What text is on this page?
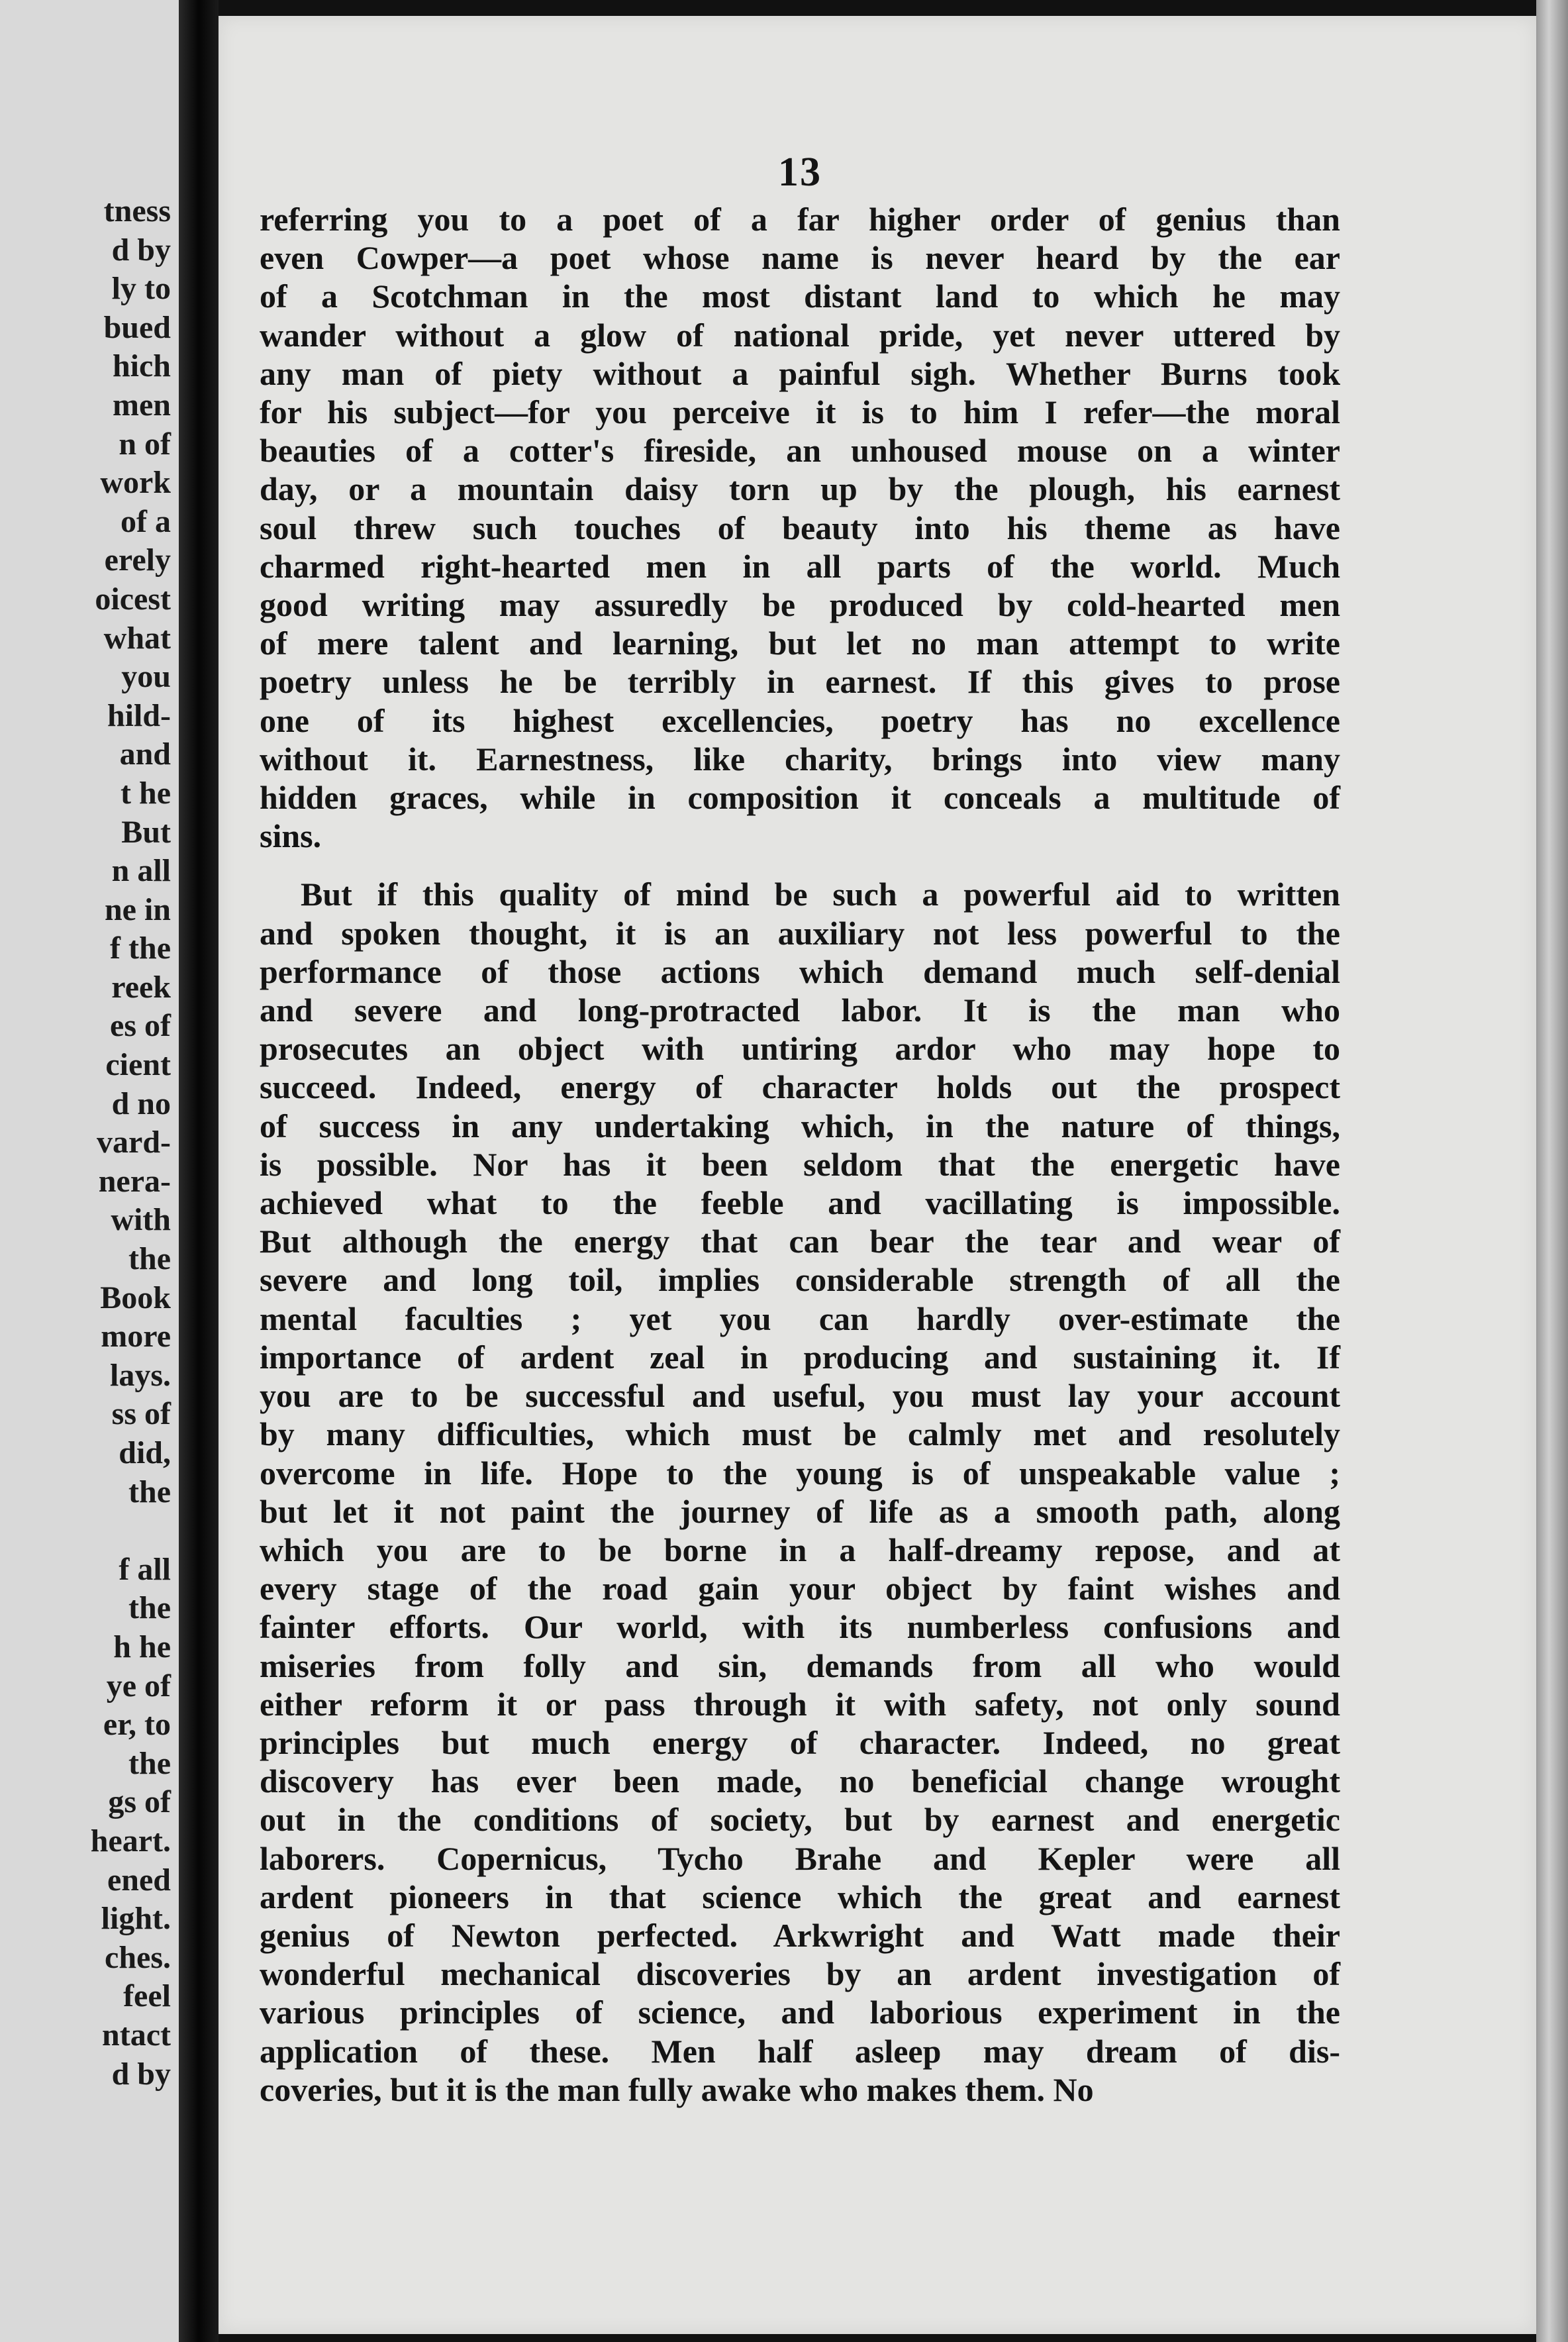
tness
d by
ly to
bued
hich
men
n of
work
of a
erely
oicest
what
you
hild-
and
t he
But
n all
ne in
f the
reek
es of
cient
d no
vard-
nera-
with
the
Book
more
lays.
ss of
did,
the

f all
the
h he
ye of
er, to
the
gs of
heart.
ened
light.
ches.
feel
ntact
d by
13
referring you to a poet of a far higher order of genius than
even Cowper—a poet whose name is never heard by the ear
of a Scotchman in the most distant land to which he may
wander without a glow of national pride, yet never uttered by
any man of piety without a painful sigh. Whether Burns took
for his subject—for you perceive it is to him I refer—the moral
beauties of a cotter's fireside, an unhoused mouse on a winter
day, or a mountain daisy torn up by the plough, his earnest
soul threw such touches of beauty into his theme as have
charmed right-hearted men in all parts of the world. Much
good writing may assuredly be produced by cold-hearted men
of mere talent and learning, but let no man attempt to write
poetry unless he be terribly in earnest. If this gives to prose
one of its highest excellencies, poetry has no excellence
without it. Earnestness, like charity, brings into view many
hidden graces, while in composition it conceals a multitude of
sins.
But if this quality of mind be such a powerful aid to written
and spoken thought, it is an auxiliary not less powerful to the
performance of those actions which demand much self-denial
and severe and long-protracted labor. It is the man who
prosecutes an object with untiring ardor who may hope to
succeed. Indeed, energy of character holds out the prospect
of success in any undertaking which, in the nature of things,
is possible. Nor has it been seldom that the energetic have
achieved what to the feeble and vacillating is impossible.
But although the energy that can bear the tear and wear of
severe and long toil, implies considerable strength of all the
mental faculties ; yet you can hardly over-estimate the
importance of ardent zeal in producing and sustaining it. If
you are to be successful and useful, you must lay your account
by many difficulties, which must be calmly met and resolutely
overcome in life. Hope to the young is of unspeakable value ;
but let it not paint the journey of life as a smooth path, along
which you are to be borne in a half-dreamy repose, and at
every stage of the road gain your object by faint wishes and
fainter efforts. Our world, with its numberless confusions and
miseries from folly and sin, demands from all who would
either reform it or pass through it with safety, not only sound
principles but much energy of character. Indeed, no great
discovery has ever been made, no beneficial change wrought
out in the conditions of society, but by earnest and energetic
laborers. Copernicus, Tycho Brahe and Kepler were all
ardent pioneers in that science which the great and earnest
genius of Newton perfected. Arkwright and Watt made their
wonderful mechanical discoveries by an ardent investigation of
various principles of science, and laborious experiment in the
application of these. Men half asleep may dream of dis-
coveries, but it is the man fully awake who makes them. No
